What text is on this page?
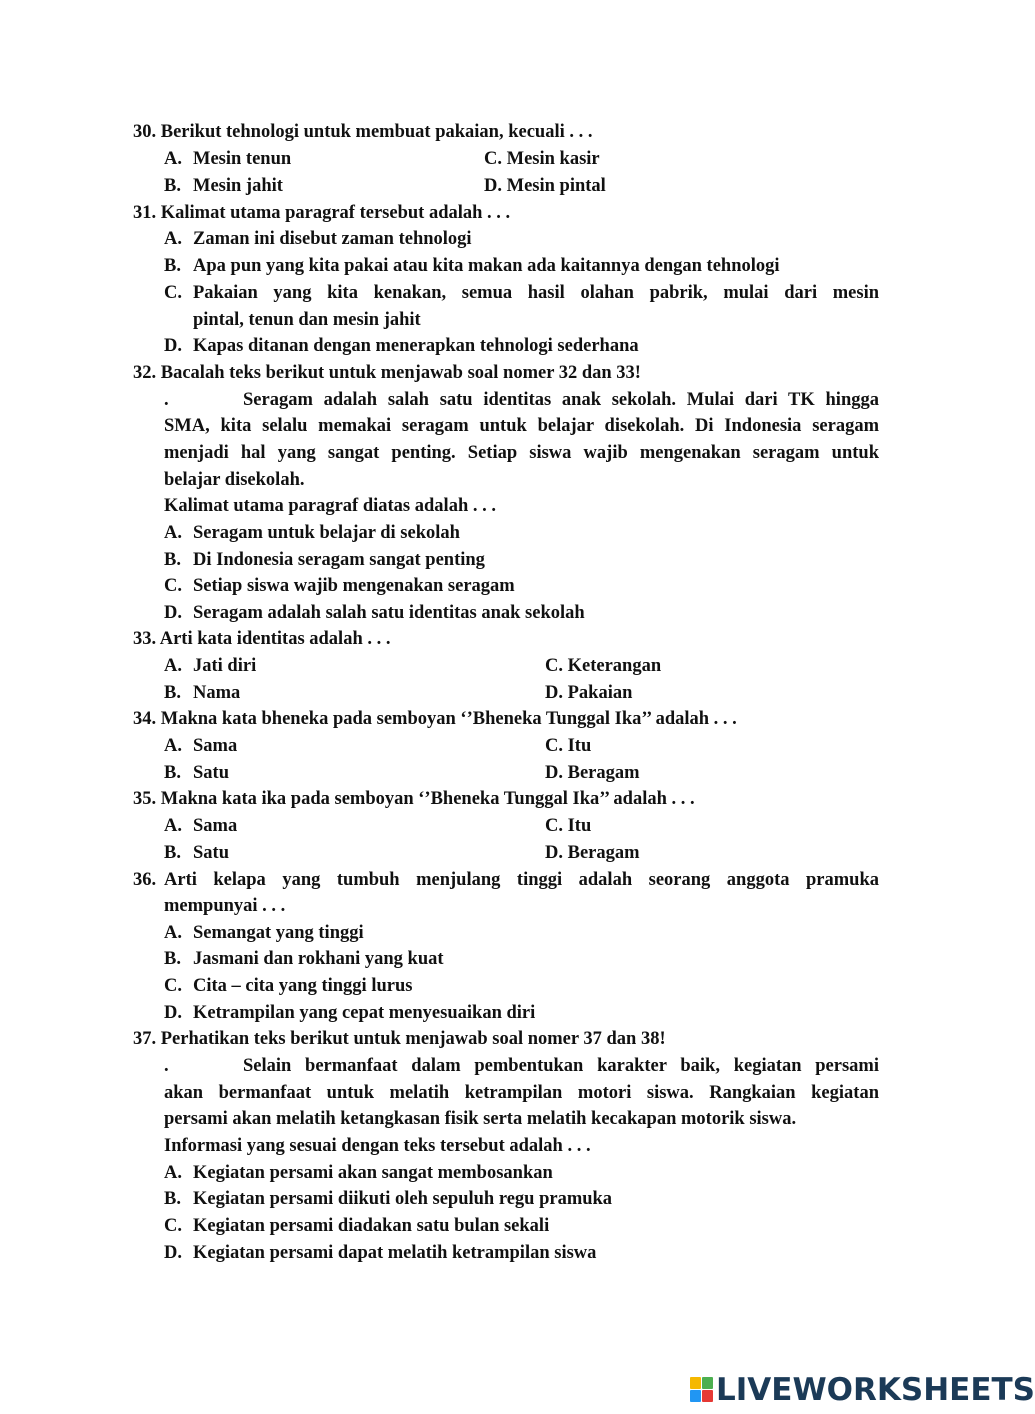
30. Berikut tehnologi untuk membuat pakaian, kecuali . . .
A. Mesin tenun	C. Mesin kasir
B. Mesin jahit	D. Mesin pintal
31. Kalimat utama paragraf tersebut adalah . . .
A. Zaman ini disebut zaman tehnologi
B. Apa pun yang kita pakai atau kita makan ada kaitannya dengan tehnologi
C. Pakaian yang kita kenakan, semua hasil olahan pabrik, mulai dari mesin
pintal, tenun dan mesin jahit
D. Kapas ditanan dengan menerapkan tehnologi sederhana
32. Bacalah teks berikut untuk menjawab soal nomer 32 dan 33!
.	Seragam adalah salah satu identitas anak sekolah. Mulai dari TK hingga
SMA, kita selalu memakai seragam untuk belajar disekolah. Di Indonesia seragam
menjadi hal yang sangat penting. Setiap siswa wajib mengenakan seragam untuk
belajar disekolah.
Kalimat utama paragraf diatas adalah . . .
A. Seragam untuk belajar di sekolah
B. Di Indonesia seragam sangat penting
C. Setiap siswa wajib mengenakan seragam
D. Seragam adalah salah satu identitas anak sekolah
33. Arti kata identitas adalah . . .
A. Jati diri	C. Keterangan
B. Nama	D. Pakaian
34. Makna kata bheneka pada semboyan ‘’Bheneka Tunggal Ika’’ adalah . . .
A. Sama	C. Itu
B. Satu	D. Beragam
35. Makna kata ika pada semboyan ‘’Bheneka Tunggal Ika’’ adalah . . .
A. Sama	C. Itu
B. Satu	D. Beragam
36. Arti kelapa yang tumbuh menjulang tinggi adalah seorang anggota pramuka
mempunyai . . .
A. Semangat yang tinggi
B. Jasmani dan rokhani yang kuat
C. Cita – cita yang tinggi lurus
D. Ketrampilan yang cepat menyesuaikan diri
37. Perhatikan teks berikut untuk menjawab soal nomer 37 dan 38!
.	Selain bermanfaat dalam pembentukan karakter baik, kegiatan persami
akan bermanfaat untuk melatih ketrampilan motori siswa. Rangkaian kegiatan
persami akan melatih ketangkasan fisik serta melatih kecakapan motorik siswa.
Informasi yang sesuai dengan teks tersebut adalah . . .
A. Kegiatan persami akan sangat membosankan
B. Kegiatan persami diikuti oleh sepuluh regu pramuka
C. Kegiatan persami diadakan satu bulan sekali
D. Kegiatan persami dapat melatih ketrampilan siswa
LIVEWORKSHEETS
